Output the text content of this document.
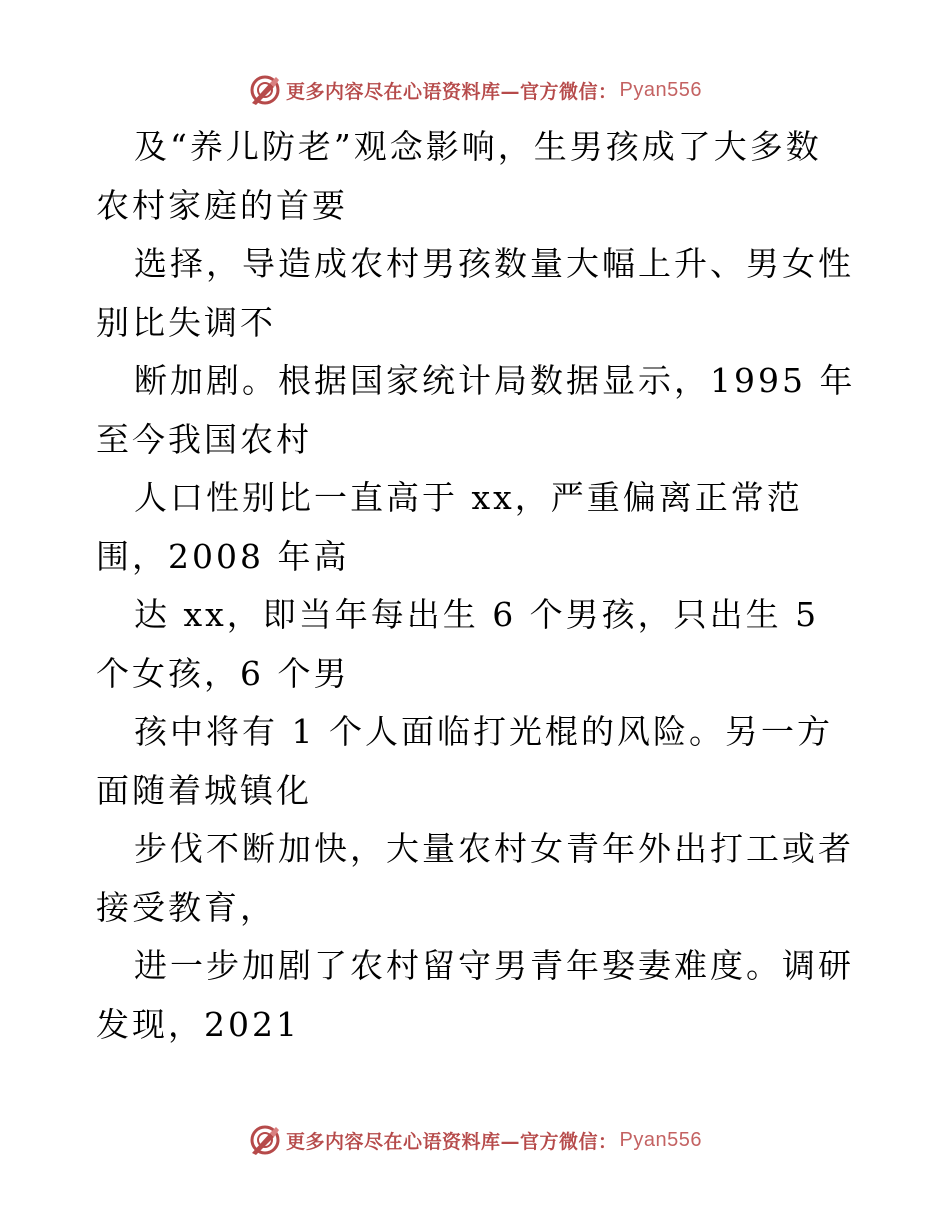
更多内容尽在心语资料库—官方微信： Pyan556

及“养儿防老”观念影响，生男孩成了大多数农村家庭的首要

选择，导造成农村男孩数量大幅上升、男女性别比失调不

断加剧。根据国家统计局数据显示，1995 年至今我国农村

人口性别比一直高于 xx，严重偏离正常范围，2008 年高

达 xx，即当年每出生 6 个男孩，只出生 5 个女孩，6 个男

孩中将有 1 个人面临打光棍的风险。另一方面随着城镇化

步伐不断加快，大量农村女青年外出打工或者接受教育，

进一步加剧了农村留守男青年娶妻难度。调研发现，2021

更多内容尽在心语资料库—官方微信： Pyan556
